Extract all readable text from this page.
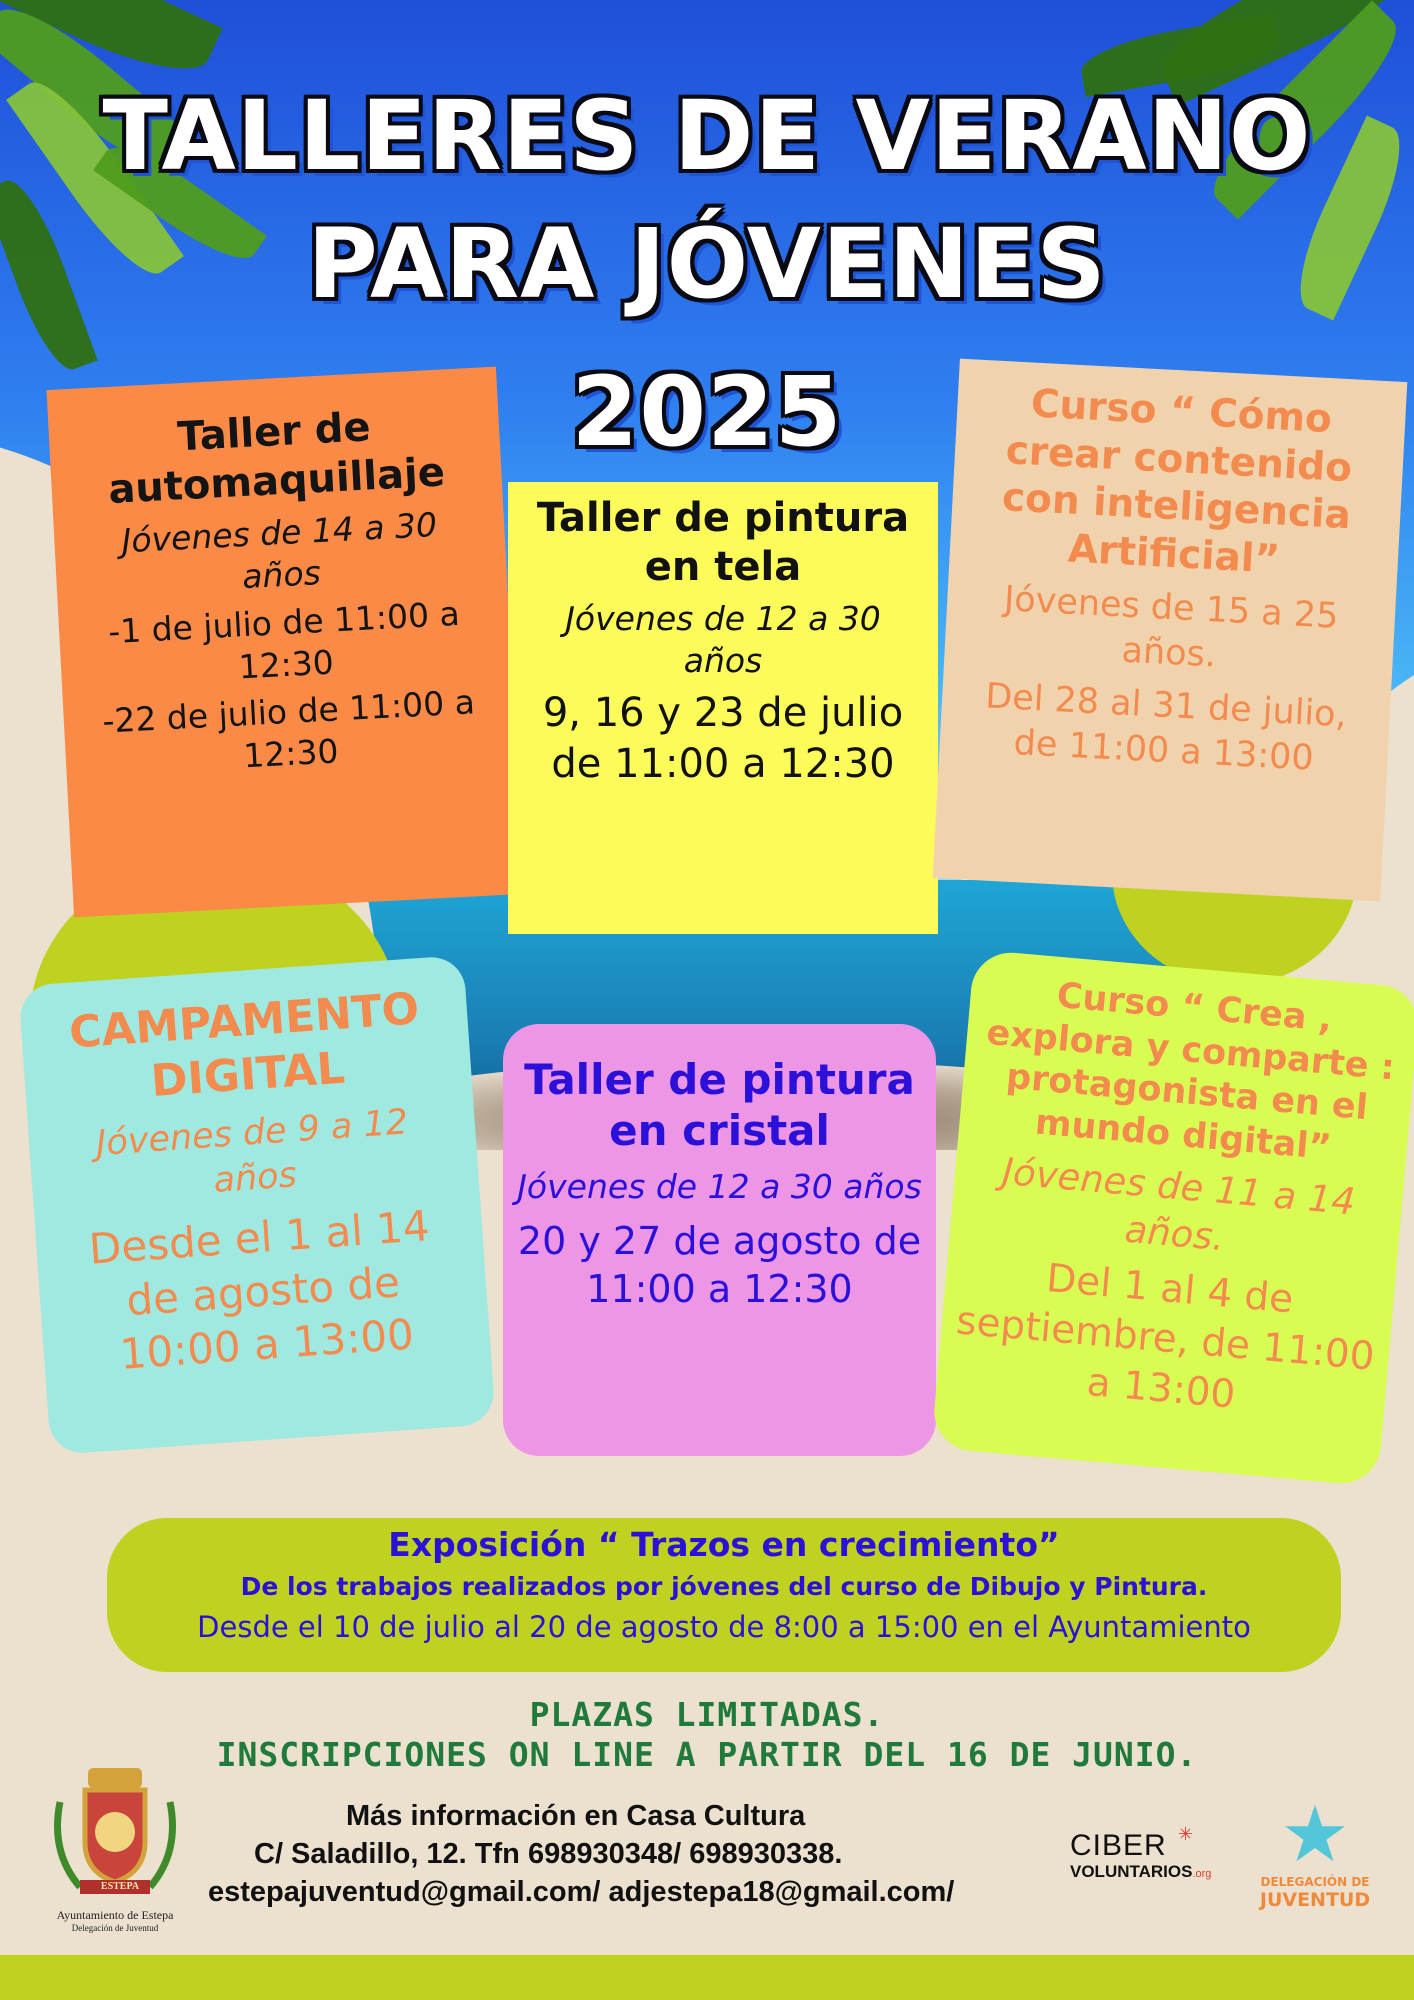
TALLERES DE VERANO
PARA JÓVENES
2025
Taller de automaquillaje
Jóvenes de 14 a 30 años
-1 de julio de 11:00 a 12:30
-22 de julio de 11:00 a 12:30
Taller de pintura en tela
Jóvenes de 12 a 30 años
9, 16 y 23 de julio de 11:00 a 12:30
Curso “ Cómo crear contenido con inteligencia Artificial”
Jóvenes de 15 a 25 años.
Del 28 al 31 de julio, de 11:00 a 13:00
CAMPAMENTO DIGITAL
Jóvenes de 9 a 12 años
Desde el 1 al 14 de agosto de 10:00 a 13:00
Taller de pintura en cristal
Jóvenes de 12 a 30 años
20 y 27 de agosto de 11:00 a 12:30
Curso “ Crea , explora y comparte : protagonista en el mundo digital”
Jóvenes de 11 a 14 años.
Del 1 al 4 de septiembre, de 11:00 a 13:00
Exposición “ Trazos en crecimiento”
De los trabajos realizados por jóvenes del curso de Dibujo y Pintura.
Desde el 10 de julio al 20 de agosto de 8:00 a 15:00 en el Ayuntamiento
PLAZAS LIMITADAS.
INSCRIPCIONES ON LINE A PARTIR DEL 16 DE JUNIO.
ESTEPA
Ayuntamiento de Estepa
Delegación de Juventud
Más información en Casa Cultura
C/ Saladillo, 12. Tfn 698930348/ 698930338.
estepajuventud@gmail.com/ adjestepa18@gmail.com/
CIBER ✳
VOLUNTARIOS.org ★
DELEGACIÓN DE
JUVENTUD
